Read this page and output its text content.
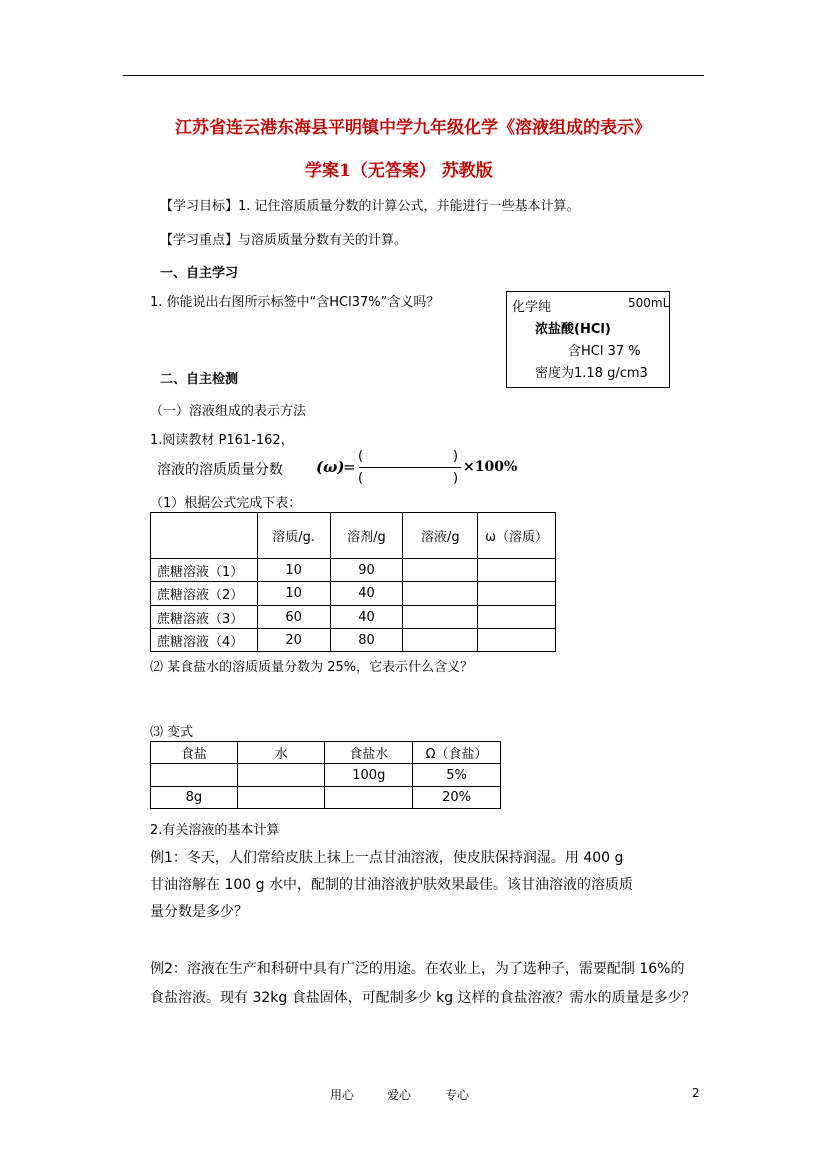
江苏省连云港东海县平明镇中学九年级化学《溶液组成的表示》
学案1（无答案） 苏教版
【学习目标】1. 记住溶质质量分数的计算公式，并能进行一些基本计算。
【学习重点】与溶质质量分数有关的计算。
一、自主学习
1. 你能说出右图所示标签中“含HCl37%”含义吗？	化学纯	500mL
浓盐酸(HCl)
含HCl 37 %
密度为1.18 g/cm3
二、自主检测
（一）溶液组成的表示方法
1.阅读教材 P161-162，
溶液的溶质质量分数 (ω)
=
(	)
(	)
×100%
（1）根据公式完成下表：
	溶质/g.	溶剂/g	溶液/g	ω（溶质）
蔗糖溶液（1）	10	90		
蔗糖溶液（2）	10	40		
蔗糖溶液（3）	60	40		
蔗糖溶液（4）	20	80		
⑵ 某食盐水的溶质质量分数为 25%，它表示什么含义？
⑶ 变式
食盐	水	食盐水	Ω（食盐）
		100g	5%
8g			20%
2.有关溶液的基本计算
例1：冬天，人们常给皮肤上抹上一点甘油溶液，使皮肤保持润湿。用 400 g
甘油溶解在 100 g 水中，配制的甘油溶液护肤效果最佳。该甘油溶液的溶质质
量分数是多少？
例2：溶液在生产和科研中具有广泛的用途。在农业上，为了选种子，需要配制 16%的
食盐溶液。现有 32kg 食盐固体，可配制多少 kg 这样的食盐溶液？需水的质量是多少？
用心	爱心	专心	2
